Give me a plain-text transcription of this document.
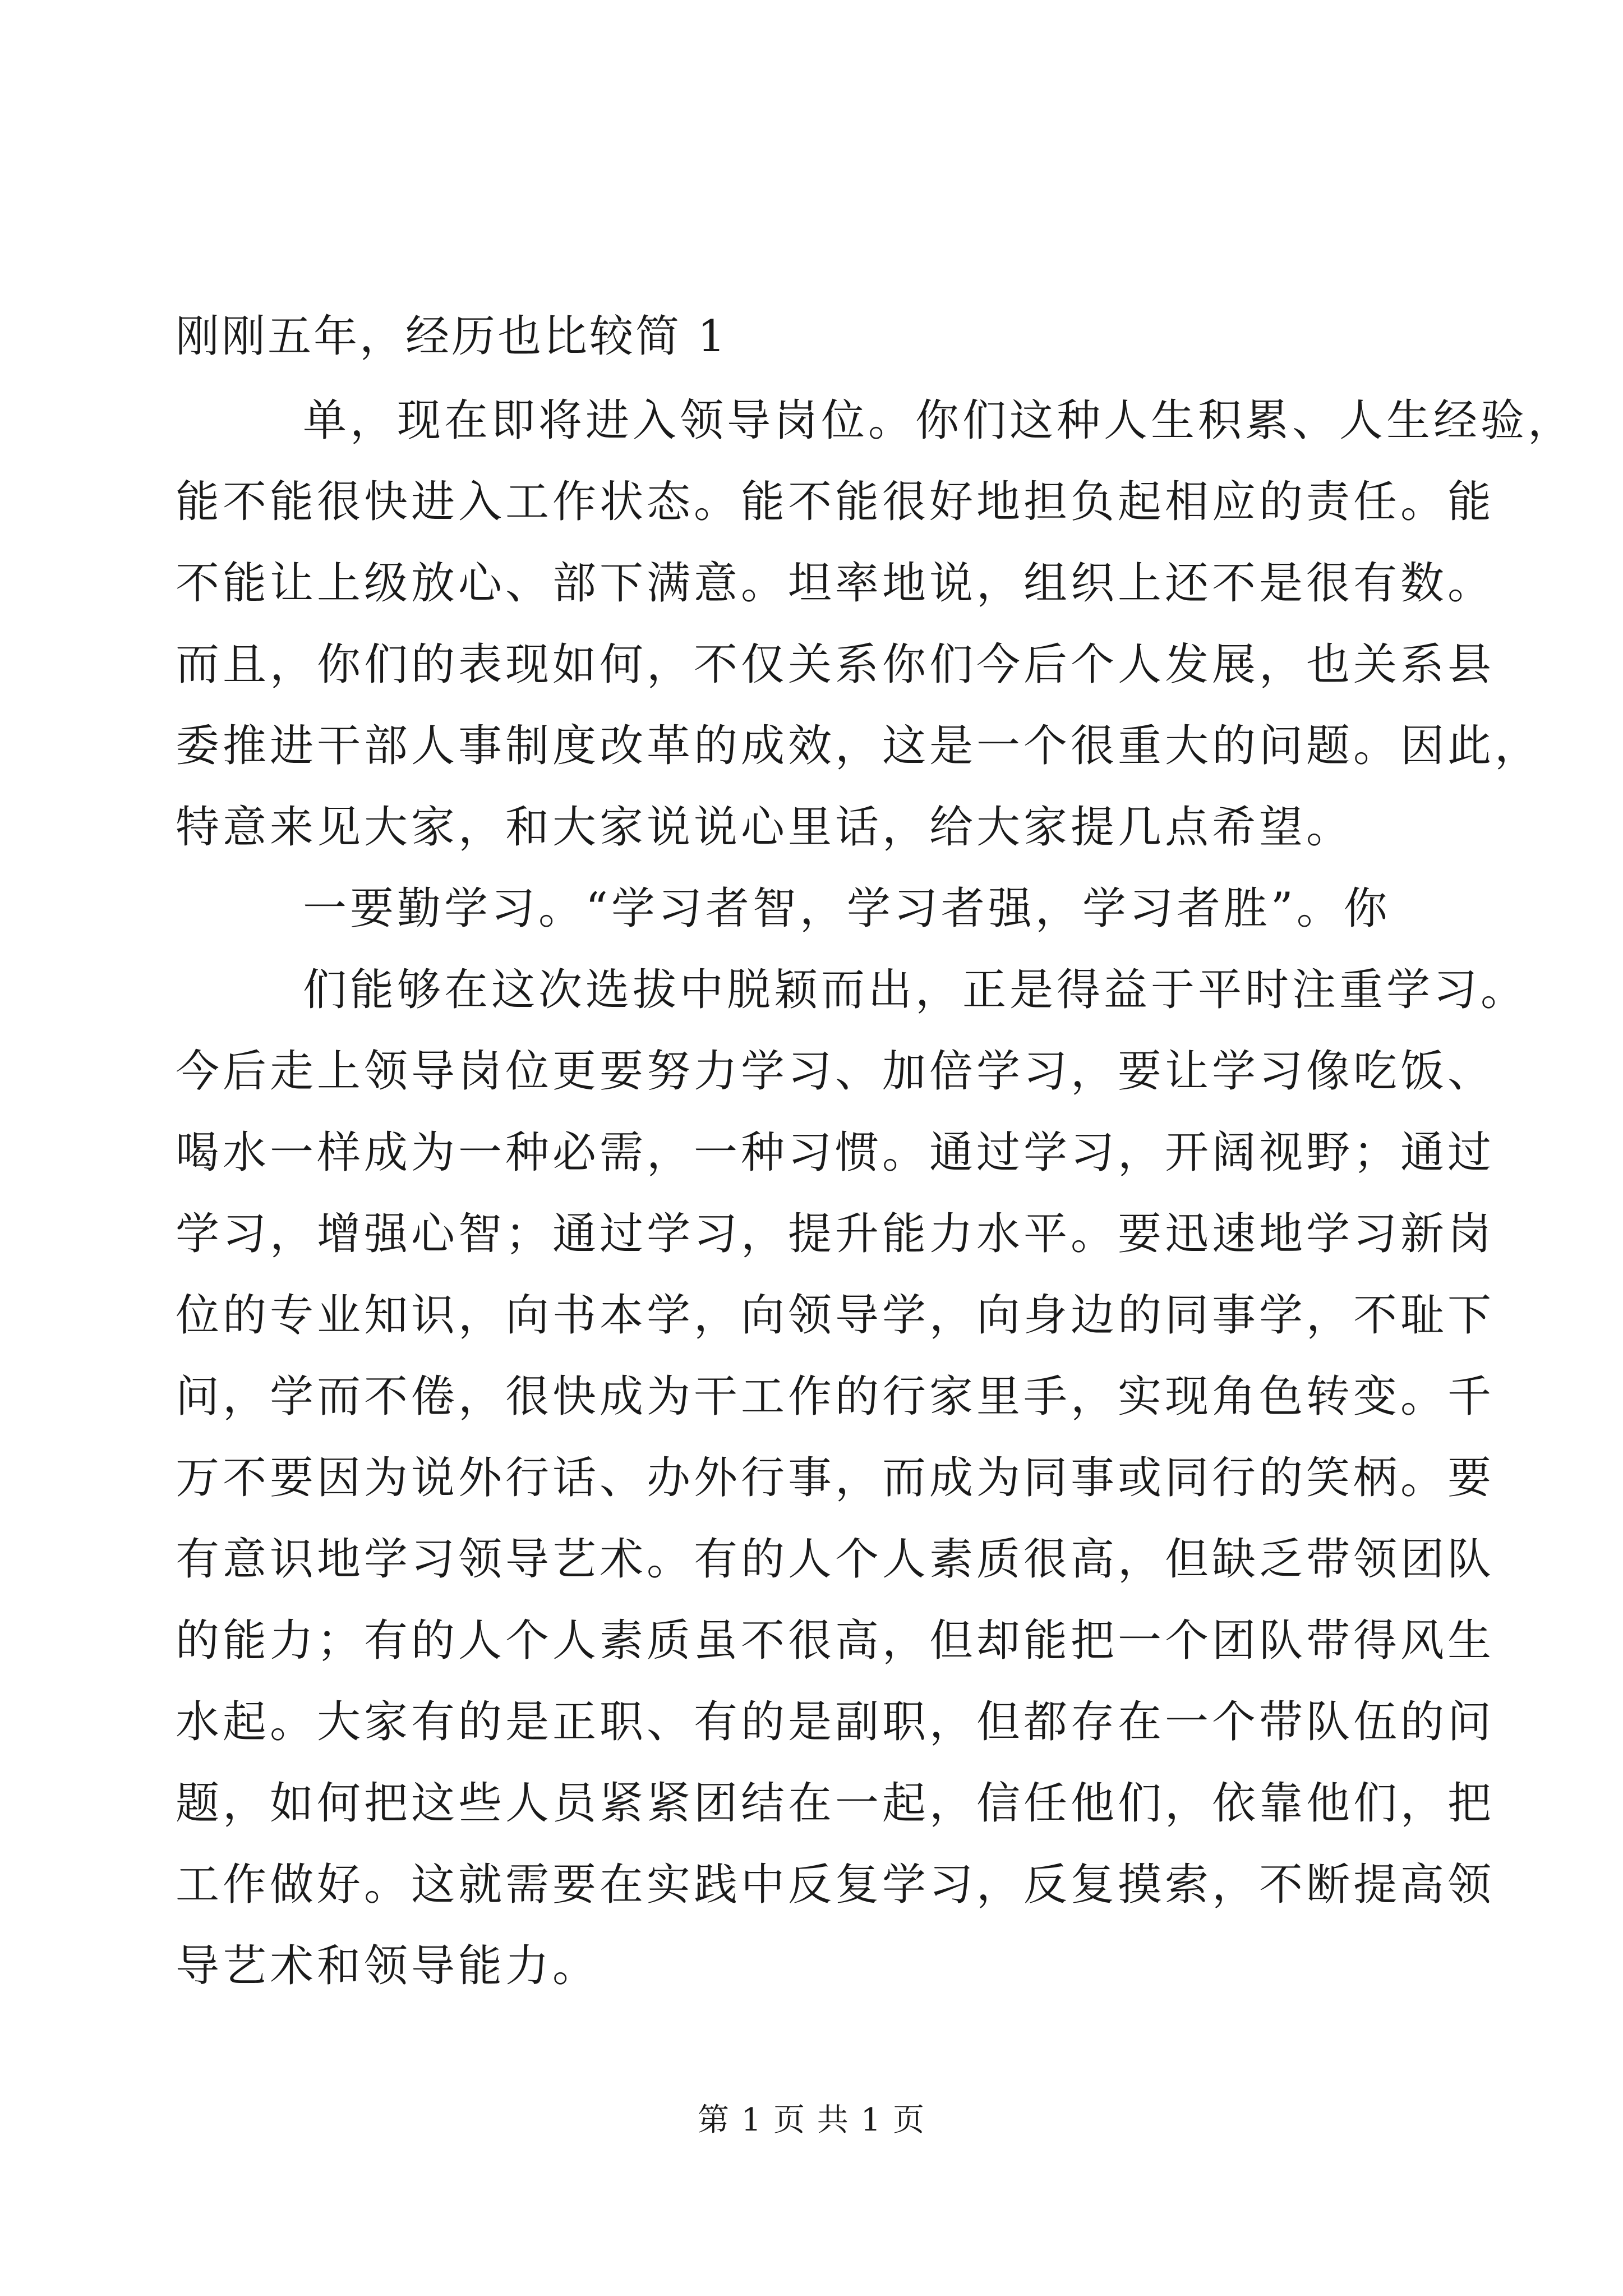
刚刚五年，经历也比较简 1
单，现在即将进入领导岗位。你们这种人生积累、人生经验，
能不能很快进入工作状态。能不能很好地担负起相应的责任。能
不能让上级放心、部下满意。坦率地说，组织上还不是很有数。
而且，你们的表现如何，不仅关系你们今后个人发展，也关系县
委推进干部人事制度改革的成效，这是一个很重大的问题。因此，
特意来见大家，和大家说说心里话，给大家提几点希望。
一要勤学习。“学习者智，学习者强，学习者胜”。你
们能够在这次选拔中脱颖而出，正是得益于平时注重学习。
今后走上领导岗位更要努力学习、加倍学习，要让学习像吃饭、
喝水一样成为一种必需，一种习惯。通过学习，开阔视野；通过
学习，增强心智；通过学习，提升能力水平。要迅速地学习新岗
位的专业知识，向书本学，向领导学，向身边的同事学，不耻下
问，学而不倦，很快成为干工作的行家里手，实现角色转变。千
万不要因为说外行话、办外行事，而成为同事或同行的笑柄。要
有意识地学习领导艺术。有的人个人素质很高，但缺乏带领团队
的能力；有的人个人素质虽不很高，但却能把一个团队带得风生
水起。大家有的是正职、有的是副职，但都存在一个带队伍的问
题，如何把这些人员紧紧团结在一起，信任他们，依靠他们，把
工作做好。这就需要在实践中反复学习，反复摸索，不断提高领
导艺术和领导能力。
第 1 页 共 1 页
